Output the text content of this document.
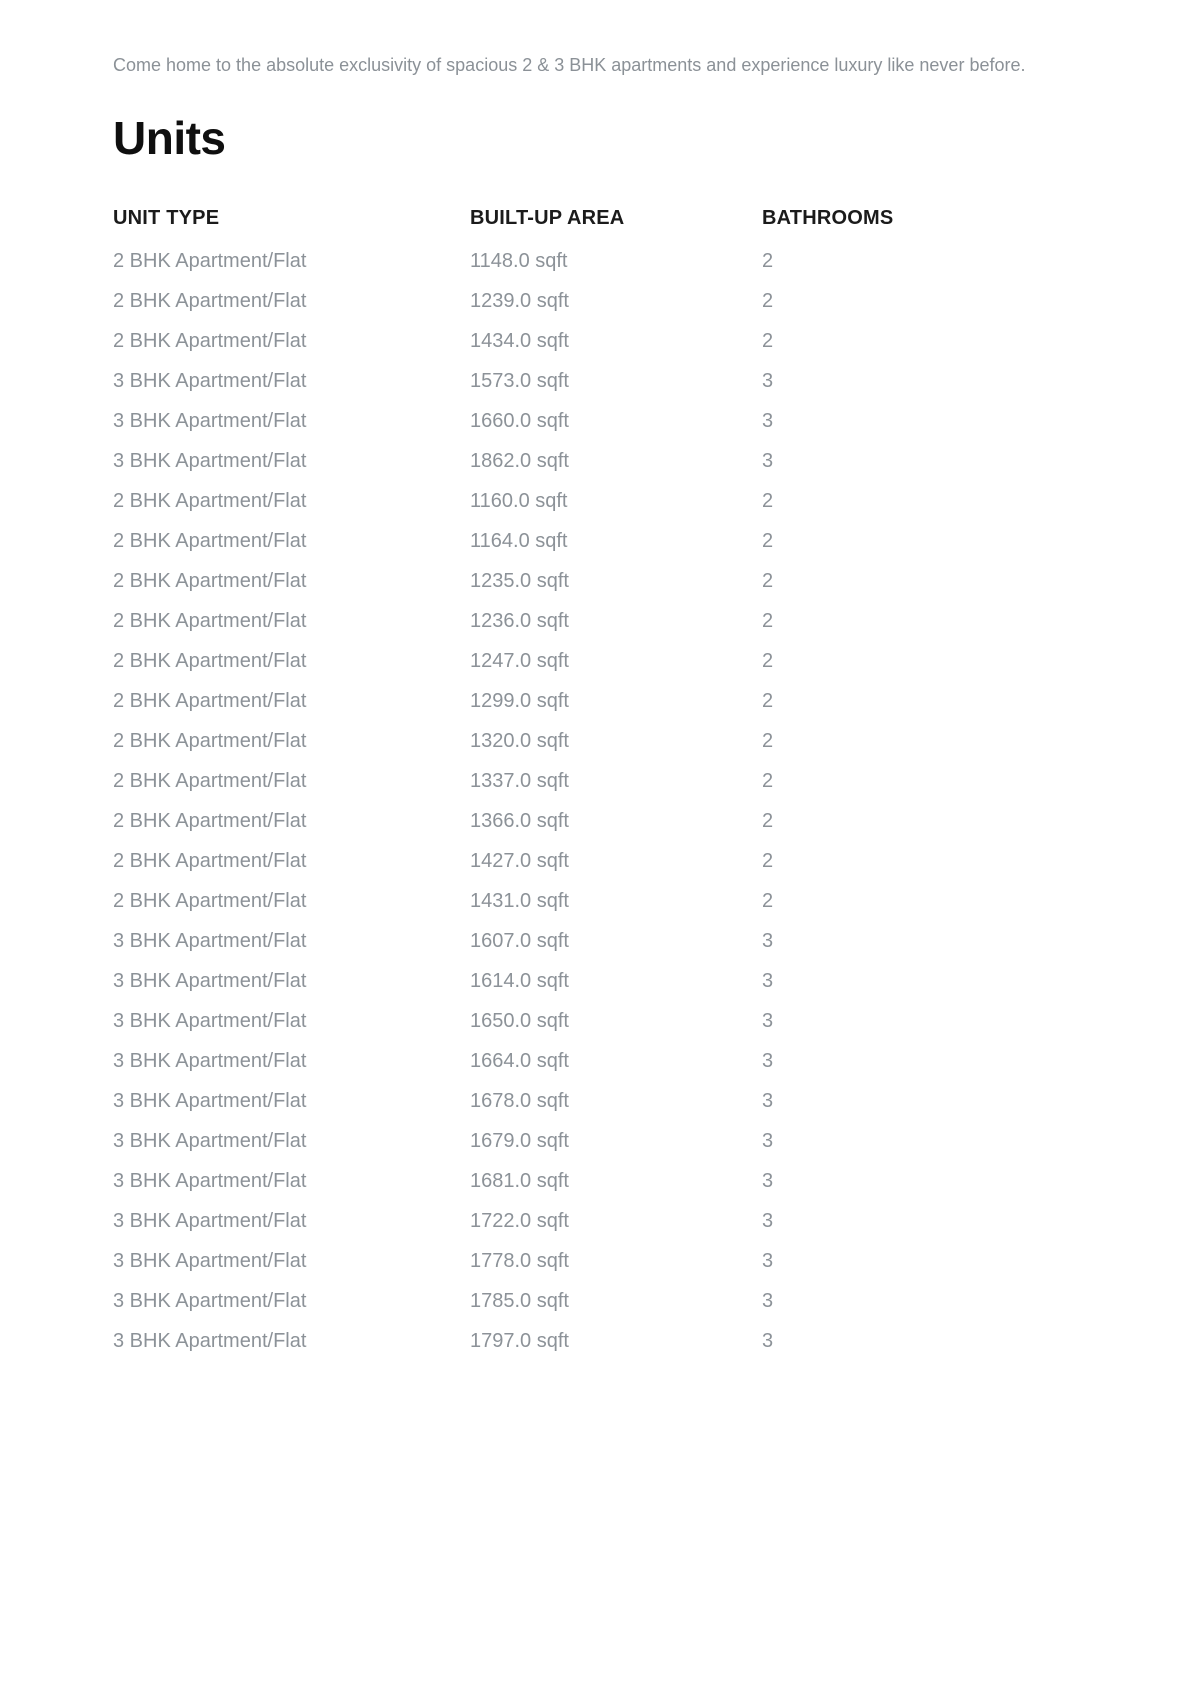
Come home to the absolute exclusivity of spacious 2 & 3 BHK apartments and experience luxury like never before.

Units
UNIT TYPE	BUILT-UP AREA	BATHROOMS
2 BHK Apartment/Flat	1148.0 sqft	2
2 BHK Apartment/Flat	1239.0 sqft	2
2 BHK Apartment/Flat	1434.0 sqft	2
3 BHK Apartment/Flat	1573.0 sqft	3
3 BHK Apartment/Flat	1660.0 sqft	3
3 BHK Apartment/Flat	1862.0 sqft	3
2 BHK Apartment/Flat	1160.0 sqft	2
2 BHK Apartment/Flat	1164.0 sqft	2
2 BHK Apartment/Flat	1235.0 sqft	2
2 BHK Apartment/Flat	1236.0 sqft	2
2 BHK Apartment/Flat	1247.0 sqft	2
2 BHK Apartment/Flat	1299.0 sqft	2
2 BHK Apartment/Flat	1320.0 sqft	2
2 BHK Apartment/Flat	1337.0 sqft	2
2 BHK Apartment/Flat	1366.0 sqft	2
2 BHK Apartment/Flat	1427.0 sqft	2
2 BHK Apartment/Flat	1431.0 sqft	2
3 BHK Apartment/Flat	1607.0 sqft	3
3 BHK Apartment/Flat	1614.0 sqft	3
3 BHK Apartment/Flat	1650.0 sqft	3
3 BHK Apartment/Flat	1664.0 sqft	3
3 BHK Apartment/Flat	1678.0 sqft	3
3 BHK Apartment/Flat	1679.0 sqft	3
3 BHK Apartment/Flat	1681.0 sqft	3
3 BHK Apartment/Flat	1722.0 sqft	3
3 BHK Apartment/Flat	1778.0 sqft	3
3 BHK Apartment/Flat	1785.0 sqft	3
3 BHK Apartment/Flat	1797.0 sqft	3
